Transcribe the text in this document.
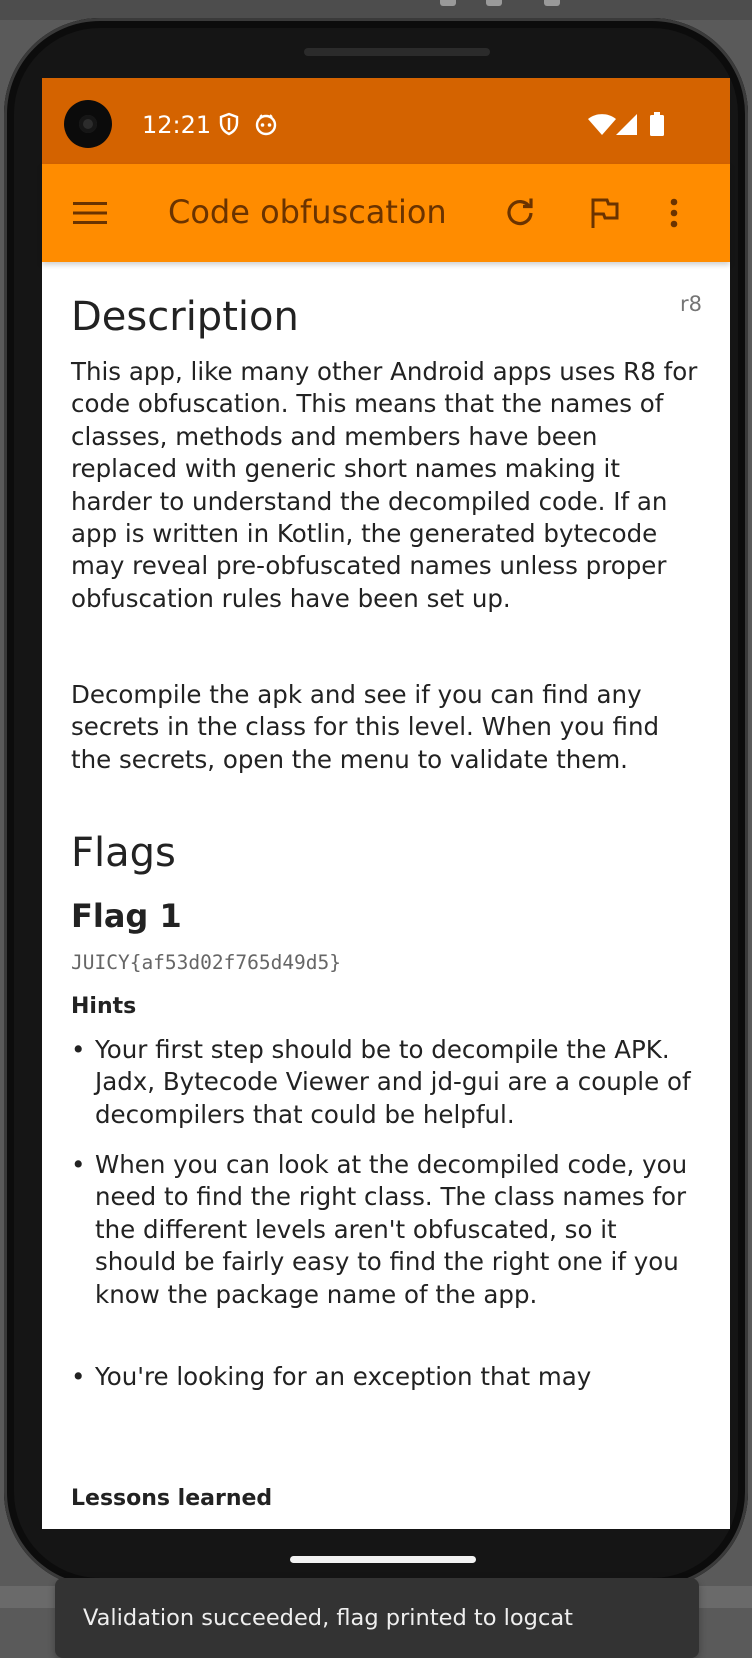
12:21
Code obfuscation
r8
Description

This app, like many other Android apps uses R8 for code obfuscation. This means that the names of classes, methods and members have been replaced with generic short names making it harder to understand the decompiled code. If an app is written in Kotlin, the generated bytecode may reveal pre-obfuscated names unless proper obfuscation rules have been set up.

Decompile the apk and see if you can find any secrets in the class for this level. When you find the secrets, open the menu to validate them.

Flags
Flag 1
JUICY{af53d02f765d49d5}
Hints
• Your first step should be to decompile the APK. Jadx, Bytecode Viewer and jd-gui are a couple of decompilers that could be helpful.
• When you can look at the decompiled code, you need to find the right class. The class names for the different levels aren't obfuscated, so it should be fairly easy to find the right one if you know the package name of the app.
• You're looking for an exception that may
Lessons learned
Validation succeeded, flag printed to logcat
